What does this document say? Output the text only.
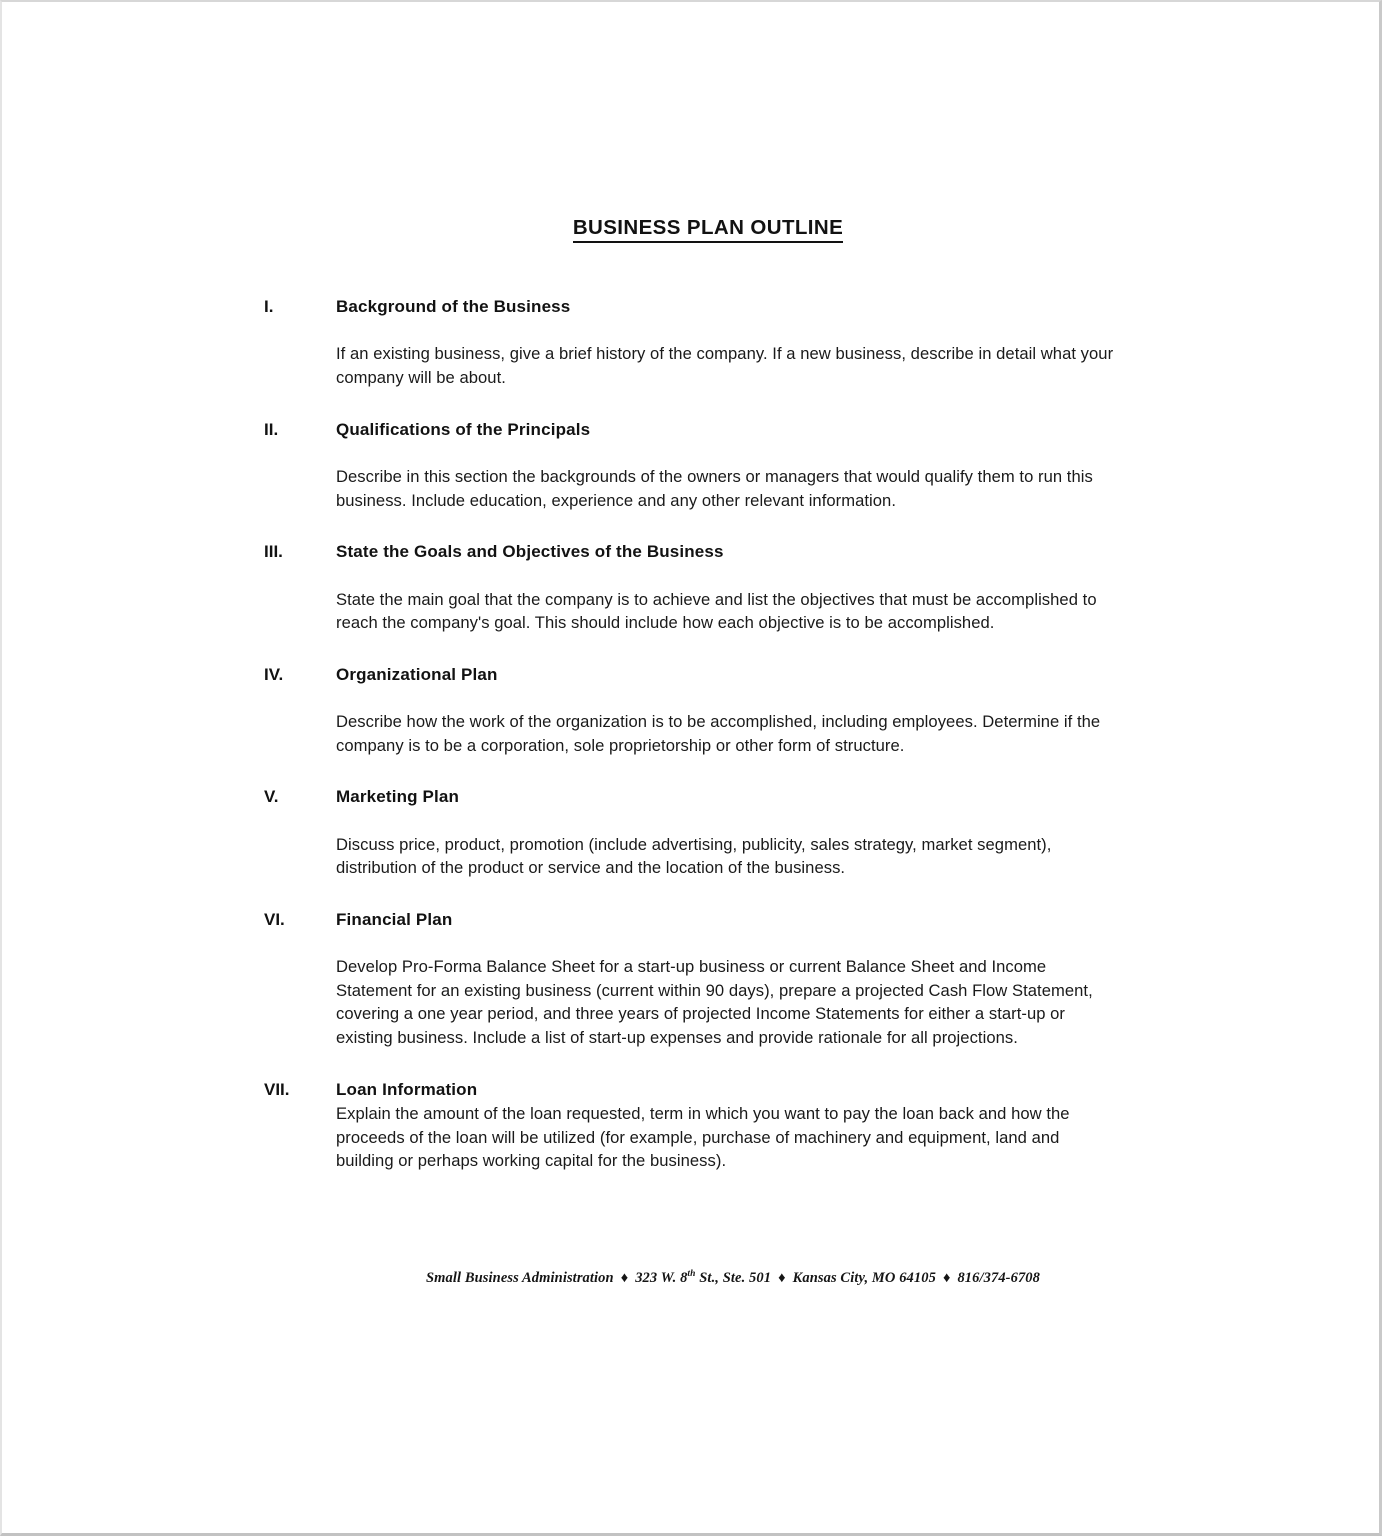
BUSINESS PLAN OUTLINE
I.	Background of the Business

If an existing business, give a brief history of the company. If a new business, describe in detail what your company will be about.

II.	Qualifications of the Principals

Describe in this section the backgrounds of the owners or managers that would qualify them to run this business. Include education, experience and any other relevant information.

III.	State the Goals and Objectives of the Business

State the main goal that the company is to achieve and list the objectives that must be accomplished to reach the company's goal. This should include how each objective is to be accomplished.

IV.	Organizational Plan

Describe how the work of the organization is to be accomplished, including employees. Determine if the company is to be a corporation, sole proprietorship or other form of structure.

V.	Marketing Plan

Discuss price, product, promotion (include advertising, publicity, sales strategy, market segment), distribution of the product or service and the location of the business.

VI.	Financial Plan

Develop Pro-Forma Balance Sheet for a start-up business or current Balance Sheet and Income Statement for an existing business (current within 90 days), prepare a projected Cash Flow Statement, covering a one year period, and three years of projected Income Statements for either a start-up or existing business. Include a list of start-up expenses and provide rationale for all projections.

VII.	Loan Information

Explain the amount of the loan requested, term in which you want to pay the loan back and how the proceeds of the loan will be utilized (for example, purchase of machinery and equipment, land and building or perhaps working capital for the business).

Small Business Administration ♦ 323 W. 8th St., Ste. 501 ♦ Kansas City, MO 64105 ♦ 816/374-6708
